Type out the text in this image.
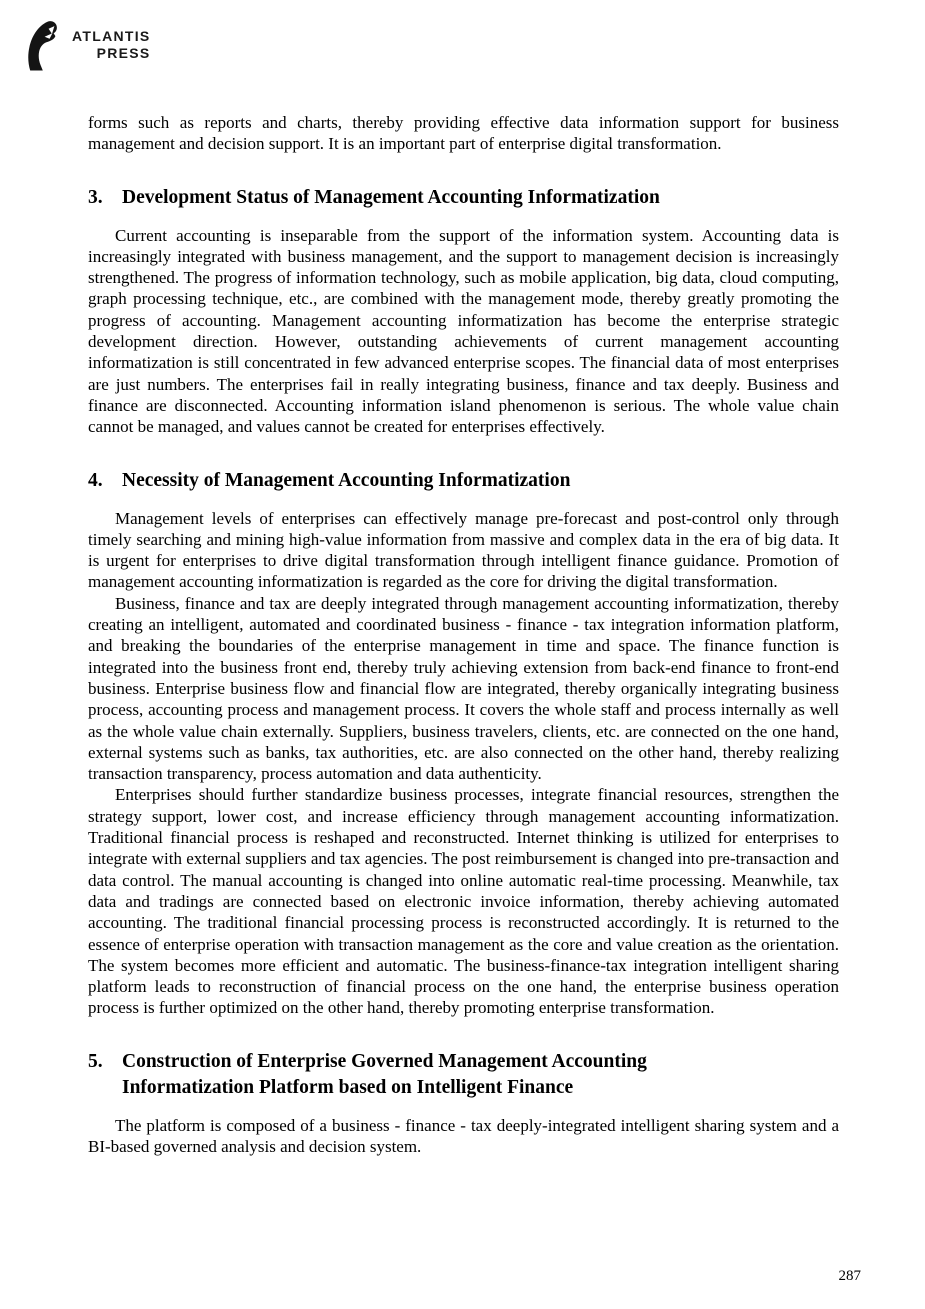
ATLANTIS
PRESS

forms such as reports and charts, thereby providing effective data information support for business management and decision support. It is an important part of enterprise digital transformation.

3. Development Status of Management Accounting Informatization

Current accounting is inseparable from the support of the information system. Accounting data is increasingly integrated with business management, and the support to management decision is increasingly strengthened. The progress of information technology, such as mobile application, big data, cloud computing, graph processing technique, etc., are combined with the management mode, thereby greatly promoting the progress of accounting. Management accounting informatization has become the enterprise strategic development direction. However, outstanding achievements of current management accounting informatization is still concentrated in few advanced enterprise scopes. The financial data of most enterprises are just numbers. The enterprises fail in really integrating business, finance and tax deeply. Business and finance are disconnected. Accounting information island phenomenon is serious. The whole value chain cannot be managed, and values cannot be created for enterprises effectively.

4. Necessity of Management Accounting Informatization

Management levels of enterprises can effectively manage pre-forecast and post-control only through timely searching and mining high-value information from massive and complex data in the era of big data. It is urgent for enterprises to drive digital transformation through intelligent finance guidance. Promotion of management accounting informatization is regarded as the core for driving the digital transformation.

Business, finance and tax are deeply integrated through management accounting informatization, thereby creating an intelligent, automated and coordinated business - finance - tax integration information platform, and breaking the boundaries of the enterprise management in time and space. The finance function is integrated into the business front end, thereby truly achieving extension from back-end finance to front-end business. Enterprise business flow and financial flow are integrated, thereby organically integrating business process, accounting process and management process. It covers the whole staff and process internally as well as the whole value chain externally. Suppliers, business travelers, clients, etc. are connected on the one hand, external systems such as banks, tax authorities, etc. are also connected on the other hand, thereby realizing transaction transparency, process automation and data authenticity.

Enterprises should further standardize business processes, integrate financial resources, strengthen the strategy support, lower cost, and increase efficiency through management accounting informatization. Traditional financial process is reshaped and reconstructed. Internet thinking is utilized for enterprises to integrate with external suppliers and tax agencies. The post reimbursement is changed into pre-transaction and data control. The manual accounting is changed into online automatic real-time processing. Meanwhile, tax data and tradings are connected based on electronic invoice information, thereby achieving automated accounting. The traditional financial processing process is reconstructed accordingly. It is returned to the essence of enterprise operation with transaction management as the core and value creation as the orientation. The system becomes more efficient and automatic. The business-finance-tax integration intelligent sharing platform leads to reconstruction of financial process on the one hand, the enterprise business operation process is further optimized on the other hand, thereby promoting enterprise transformation.

5. Construction of Enterprise Governed Management Accounting Informatization Platform based on Intelligent Finance

The platform is composed of a business - finance - tax deeply-integrated intelligent sharing system and a BI-based governed analysis and decision system.

287
